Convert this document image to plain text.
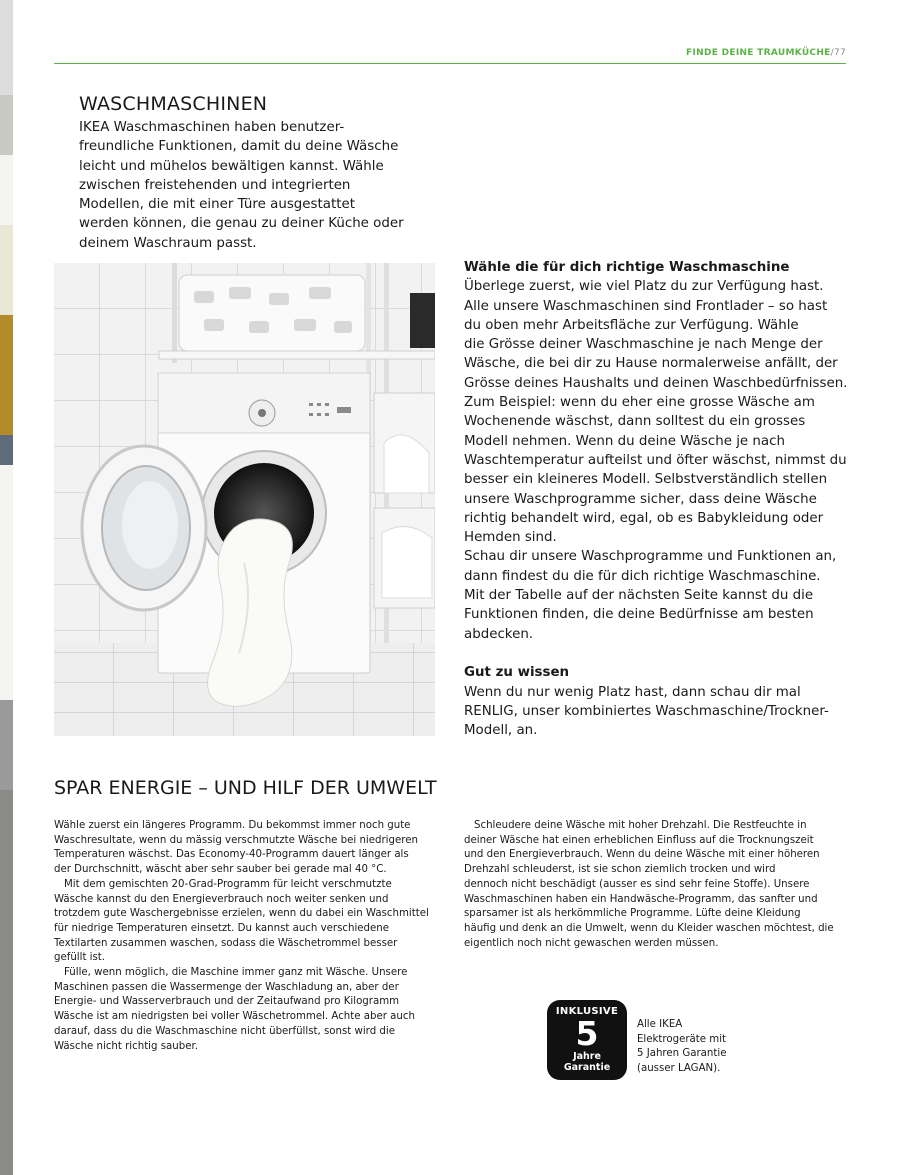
FINDE DEINE TRAUMKÜCHE/77
WASCHMASCHINEN
IKEA Waschmaschinen haben benutzer-
freundliche Funktionen, damit du deine Wäsche
leicht und mühelos bewältigen kannst. Wähle
zwischen freistehenden und integrierten
Modellen, die mit einer Türe ausgestattet
werden können, die genau zu deiner Küche oder
deinem Waschraum passt.
Wähle die für dich richtige Waschmaschine
Überlege zuerst, wie viel Platz du zur Verfügung hast.
Alle unsere Waschmaschinen sind Frontlader – so hast
du oben mehr Arbeitsfläche zur Verfügung. Wähle
die Grösse deiner Waschmaschine je nach Menge der
Wäsche, die bei dir zu Hause normalerweise anfällt, der
Grösse deines Haushalts und deinen Waschbedürfnissen.
Zum Beispiel: wenn du eher eine grosse Wäsche am
Wochenende wäschst, dann solltest du ein grosses
Modell nehmen. Wenn du deine Wäsche je nach
Waschtemperatur aufteilst und öfter wäschst, nimmst du
besser ein kleineres Modell. Selbstverständlich stellen
unsere Waschprogramme sicher, dass deine Wäsche
richtig behandelt wird, egal, ob es Babykleidung oder
Hemden sind.
Schau dir unsere Waschprogramme und Funktionen an,
dann findest du die für dich richtige Waschmaschine.
Mit der Tabelle auf der nächsten Seite kannst du die
Funktionen finden, die deine Bedürfnisse am besten
abdecken.
Gut zu wissen
Wenn du nur wenig Platz hast, dann schau dir mal
RENLIG, unser kombiniertes Waschmaschine/Trockner-
Modell, an.
SPAR ENERGIE – UND HILF DER UMWELT
Wähle zuerst ein längeres Programm. Du bekommst immer noch gute
Waschresultate, wenn du mässig verschmutzte Wäsche bei niedrigeren
Temperaturen wäschst. Das Economy-40-Programm dauert länger als
der Durchschnitt, wäscht aber sehr sauber bei gerade mal 40 °C.
Mit dem gemischten 20-Grad-Programm für leicht verschmutzte
Wäsche kannst du den Energieverbrauch noch weiter senken und
trotzdem gute Waschergebnisse erzielen, wenn du dabei ein Waschmittel
für niedrige Temperaturen einsetzt. Du kannst auch verschiedene
Textilarten zusammen waschen, sodass die Wäschetrommel besser
gefüllt ist.
Fülle, wenn möglich, die Maschine immer ganz mit Wäsche. Unsere
Maschinen passen die Wassermenge der Waschladung an, aber der
Energie- und Wasserverbrauch und der Zeitaufwand pro Kilogramm
Wäsche ist am niedrigsten bei voller Wäschetrommel. Achte aber auch
darauf, dass du die Waschmaschine nicht überfüllst, sonst wird die
Wäsche nicht richtig sauber.
Schleudere deine Wäsche mit hoher Drehzahl. Die Restfeuchte in
deiner Wäsche hat einen erheblichen Einfluss auf die Trocknungszeit
und den Energieverbrauch. Wenn du deine Wäsche mit einer höheren
Drehzahl schleuderst, ist sie schon ziemlich trocken und wird
dennoch nicht beschädigt (ausser es sind sehr feine Stoffe). Unsere
Waschmaschinen haben ein Handwäsche-Programm, das sanfter und
sparsamer ist als herkömmliche Programme. Lüfte deine Kleidung
häufig und denk an die Umwelt, wenn du Kleider waschen möchtest, die
eigentlich noch nicht gewaschen werden müssen.
INKLUSIVE
5
Jahre
Garantie
Alle IKEA
Elektrogeräte mit
5 Jahren Garantie
(ausser LAGAN).
